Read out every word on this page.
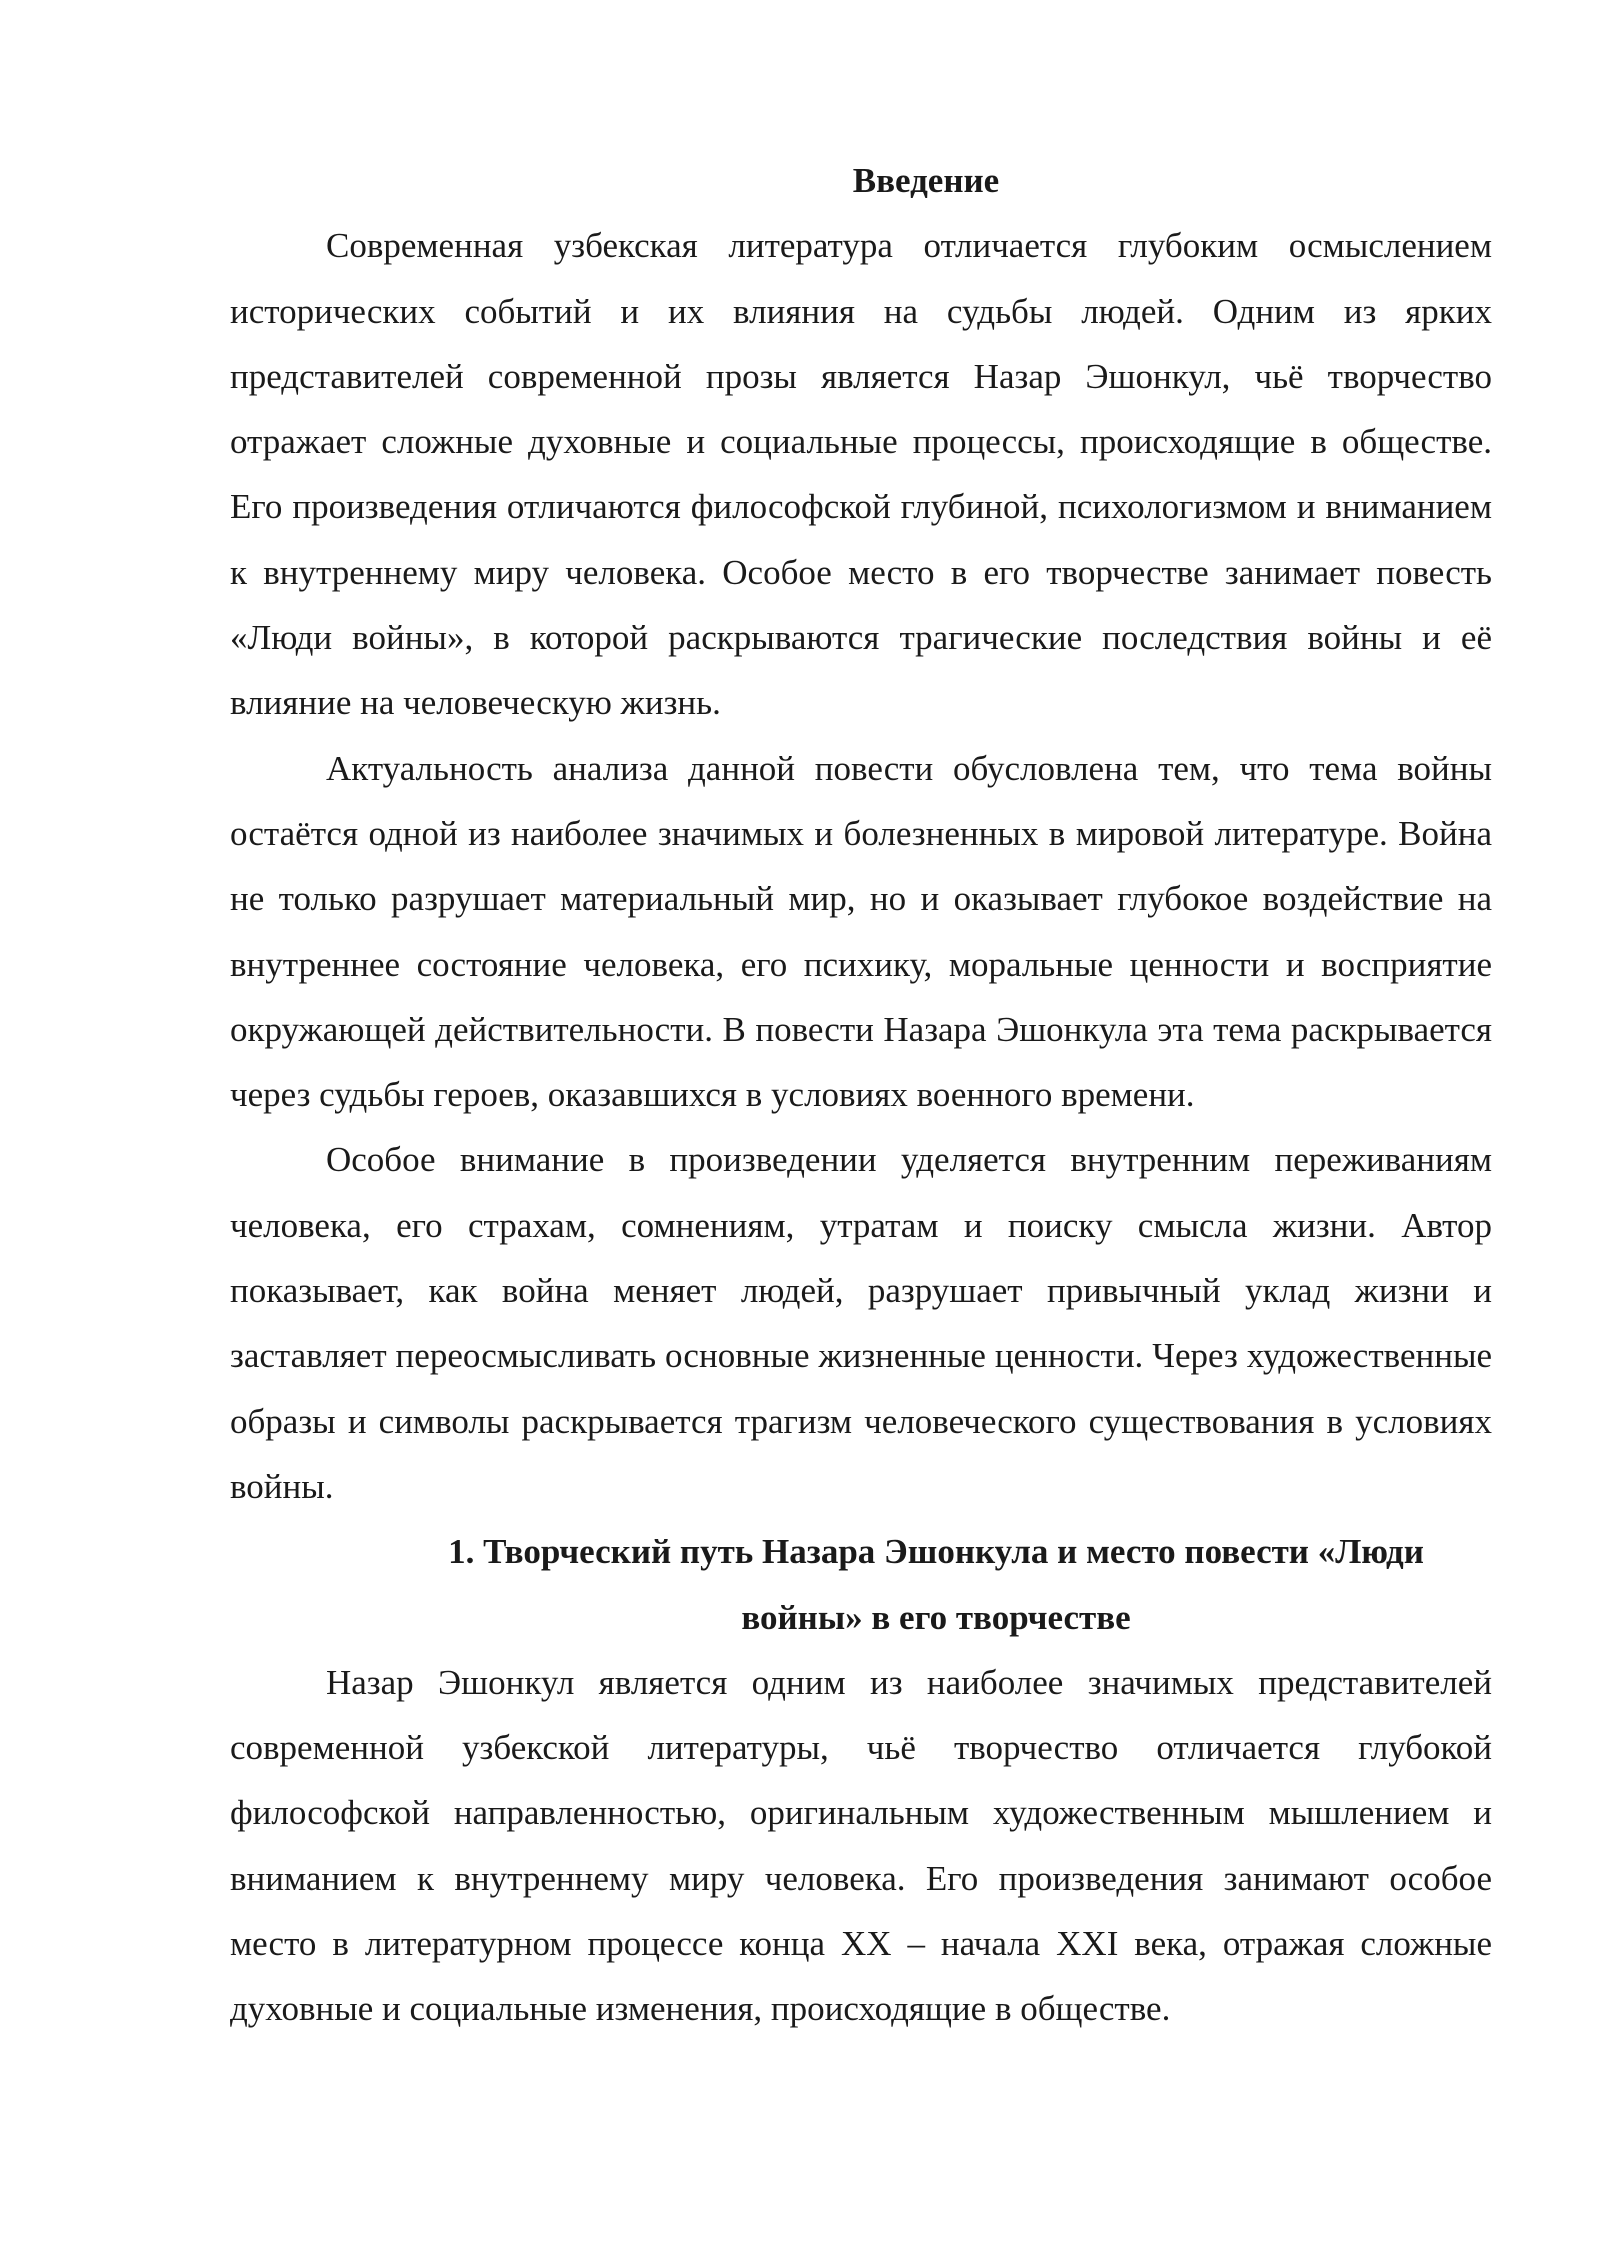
Введение

Современная узбекская литература отличается глубоким осмыслением исторических событий и их влияния на судьбы людей. Одним из ярких представителей современной прозы является Назар Эшонкул, чьё творчество отражает сложные духовные и социальные процессы, происходящие в обществе. Его произведения отличаются философской глубиной, психологизмом и вниманием к внутреннему миру человека. Особое место в его творчестве занимает повесть «Люди войны», в которой раскрываются трагические последствия войны и её влияние на человеческую жизнь.

Актуальность анализа данной повести обусловлена тем, что тема войны остаётся одной из наиболее значимых и болезненных в мировой литературе. Война не только разрушает материальный мир, но и оказывает глубокое воздействие на внутреннее состояние человека, его психику, моральные ценности и восприятие окружающей действительности. В повести Назара Эшонкула эта тема раскрывается через судьбы героев, оказавшихся в условиях военного времени.

Особое внимание в произведении уделяется внутренним переживаниям человека, его страхам, сомнениям, утратам и поиску смысла жизни. Автор показывает, как война меняет людей, разрушает привычный уклад жизни и заставляет переосмысливать основные жизненные ценности. Через художественные образы и символы раскрывается трагизм человеческого существования в условиях войны.

1. Творческий путь Назара Эшонкула и место повести «Люди
войны» в его творчестве

Назар Эшонкул является одним из наиболее значимых представителей современной узбекской литературы, чьё творчество отличается глубокой философской направленностью, оригинальным художественным мышлением и вниманием к внутреннему миру человека. Его произведения занимают особое место в литературном процессе конца XX – начала XXI века, отражая сложные духовные и социальные изменения, происходящие в обществе.
